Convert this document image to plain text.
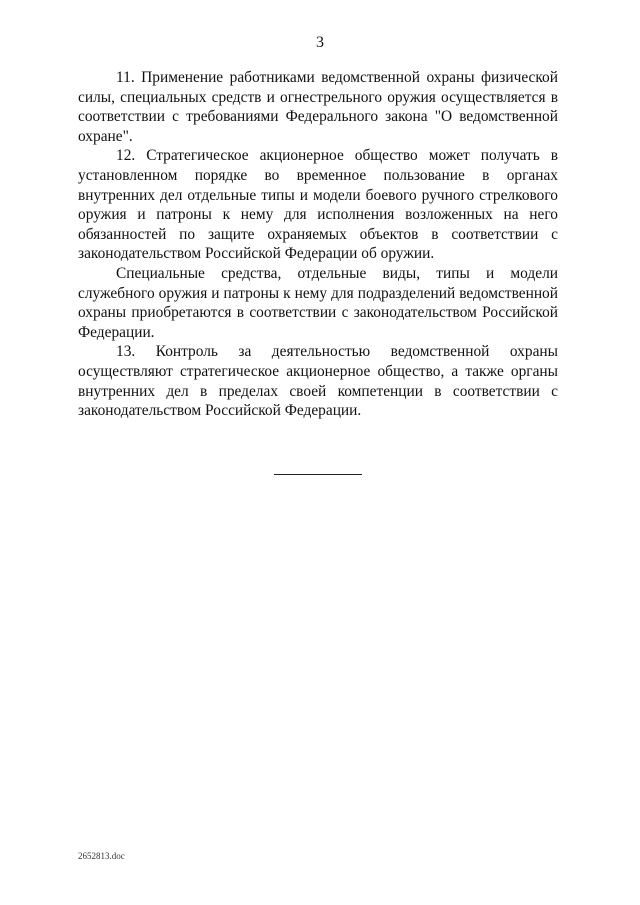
3

11. Применение работниками ведомственной охраны физической силы, специальных средств и огнестрельного оружия осуществляется в соответствии с требованиями Федерального закона "О ведомственной охране".

12. Стратегическое акционерное общество может получать в установленном порядке во временное пользование в органах внутренних дел отдельные типы и модели боевого ручного стрелкового оружия и патроны к нему для исполнения возложенных на него обязанностей по защите охраняемых объектов в соответствии с законодательством Российской Федерации об оружии.

Специальные средства, отдельные виды, типы и модели служебного оружия и патроны к нему для подразделений ведомственной охраны приобретаются в соответствии с законодательством Российской Федерации.

13. Контроль за деятельностью ведомственной охраны осуществляют стратегическое акционерное общество, а также органы внутренних дел в пределах своей компетенции в соответствии с законодательством Российской Федерации.

2652813.doc
